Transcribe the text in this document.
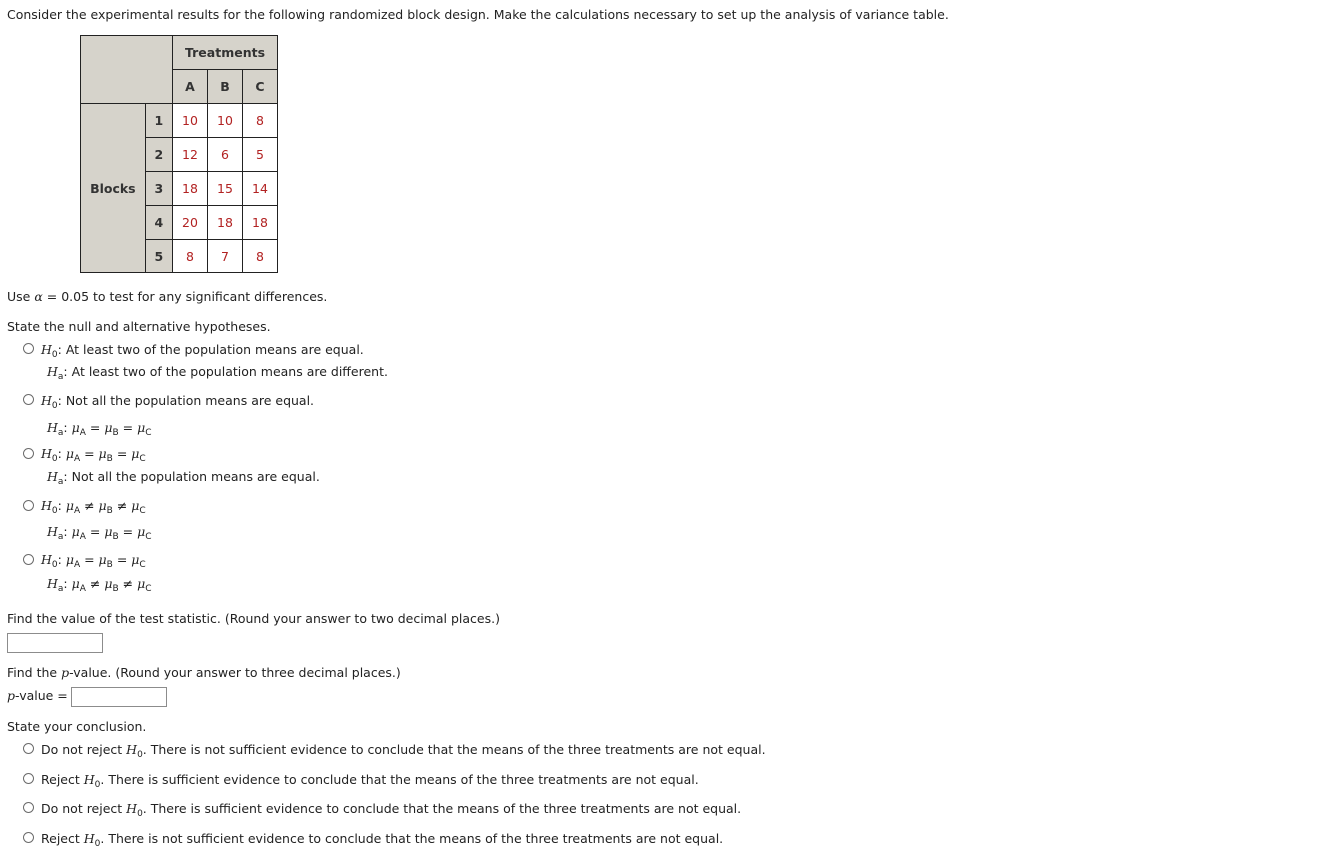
Consider the experimental results for the following randomized block design. Make the calculations necessary to set up the analysis of variance table.
		Treatments		
		A	B	C
Blocks	1	10	10	8
	2	12	6	5
	3	18	15	14
	4	20	18	18
	5	8	7	8
Use α = 0.05 to test for any significant differences.
State the null and alternative hypotheses.
$H_0$: At least two of the population means are equal.
$H_a$: At least two of the population means are different.
$H_0$: Not all the population means are equal.
$H_a$: $\mu_A = \mu_B = \mu_C$
$H_0$: $\mu_A = \mu_B = \mu_C$
$H_a$: Not all the population means are equal.
$H_0$: $\mu_A \ne \mu_B \ne \mu_C$
$H_a$: $\mu_A = \mu_B = \mu_C$
$H_0$: $\mu_A = \mu_B = \mu_C$
$H_a$: $\mu_A \ne \mu_B \ne \mu_C$
Find the value of the test statistic. (Round your answer to two decimal places.)
Find the p-value. (Round your answer to three decimal places.)
p-value =
State your conclusion.
Do not reject $H_0$. There is not sufficient evidence to conclude that the means of the three treatments are not equal.
Reject $H_0$. There is sufficient evidence to conclude that the means of the three treatments are not equal.
Do not reject $H_0$. There is sufficient evidence to conclude that the means of the three treatments are not equal.
Reject $H_0$. There is not sufficient evidence to conclude that the means of the three treatments are not equal.
